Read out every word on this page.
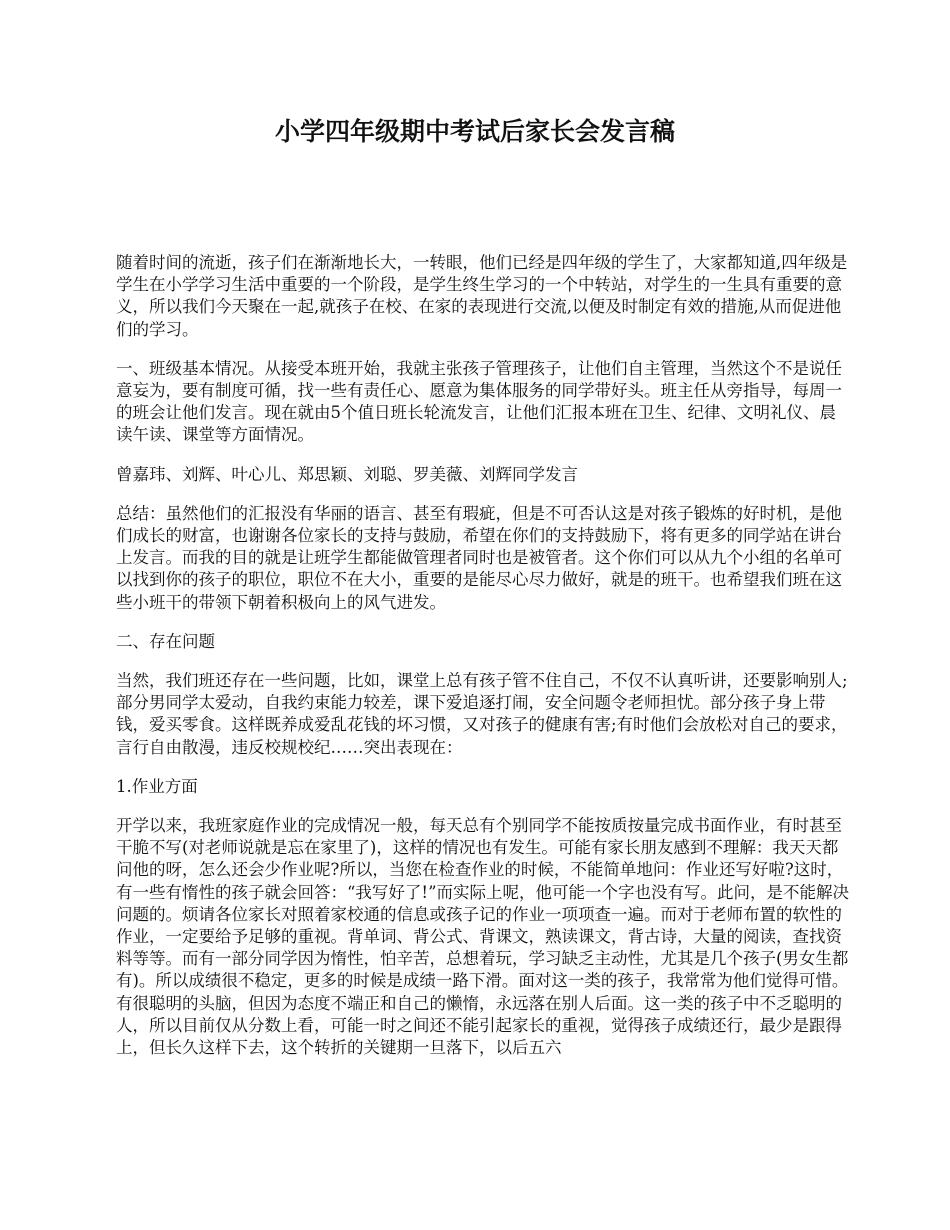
小学四年级期中考试后家长会发言稿

随着时间的流逝，孩子们在渐渐地长大，一转眼，他们已经是四年级的学生了，大家都知道,四年级是学生在小学学习生活中重要的一个阶段，是学生终生学习的一个中转站，对学生的一生具有重要的意义，所以我们今天聚在一起,就孩子在校、在家的表现进行交流,以便及时制定有效的措施,从而促进他们的学习。

一、班级基本情况。从接受本班开始，我就主张孩子管理孩子，让他们自主管理，当然这个不是说任意妄为，要有制度可循，找一些有责任心、愿意为集体服务的同学带好头。班主任从旁指导，每周一的班会让他们发言。现在就由5个值日班长轮流发言，让他们汇报本班在卫生、纪律、文明礼仪、晨读午读、课堂等方面情况。

曾嘉玮、刘辉、叶心儿、郑思颖、刘聪、罗美薇、刘辉同学发言

总结：虽然他们的汇报没有华丽的语言、甚至有瑕疵，但是不可否认这是对孩子锻炼的好时机，是他们成长的财富，也谢谢各位家长的支持与鼓励，希望在你们的支持鼓励下，将有更多的同学站在讲台上发言。而我的目的就是让班学生都能做管理者同时也是被管者。这个你们可以从九个小组的名单可以找到你的孩子的职位，职位不在大小，重要的是能尽心尽力做好，就是的班干。也希望我们班在这些小班干的带领下朝着积极向上的风气进发。

二、存在问题

当然，我们班还存在一些问题，比如，课堂上总有孩子管不住自己，不仅不认真听讲，还要影响别人;部分男同学太爱动，自我约束能力较差，课下爱追逐打闹，安全问题令老师担忧。部分孩子身上带钱，爱买零食。这样既养成爱乱花钱的坏习惯，又对孩子的健康有害;有时他们会放松对自己的要求，言行自由散漫，违反校规校纪……突出表现在：

1.作业方面

开学以来，我班家庭作业的完成情况一般，每天总有个别同学不能按质按量完成书面作业，有时甚至干脆不写(对老师说就是忘在家里了)，这样的情况也有发生。可能有家长朋友感到不理解：我天天都问他的呀，怎么还会少作业呢?所以，当您在检查作业的时候，不能简单地问：作业还写好啦?这时，有一些有惰性的孩子就会回答：“我写好了!”而实际上呢，他可能一个字也没有写。此问，是不能解决问题的。烦请各位家长对照着家校通的信息或孩子记的作业一项项查一遍。而对于老师布置的软性的作业，一定要给予足够的重视。背单词、背公式、背课文，熟读课文，背古诗，大量的阅读，查找资料等等。而有一部分同学因为惰性，怕辛苦，总想着玩，学习缺乏主动性，尤其是几个孩子(男女生都有)。所以成绩很不稳定，更多的时候是成绩一路下滑。面对这一类的孩子，我常常为他们觉得可惜。有很聪明的头脑，但因为态度不端正和自己的懒惰，永远落在别人后面。这一类的孩子中不乏聪明的人，所以目前仅从分数上看，可能一时之间还不能引起家长的重视，觉得孩子成绩还行，最少是跟得上，但长久这样下去，这个转折的关键期一旦落下，以后五六
